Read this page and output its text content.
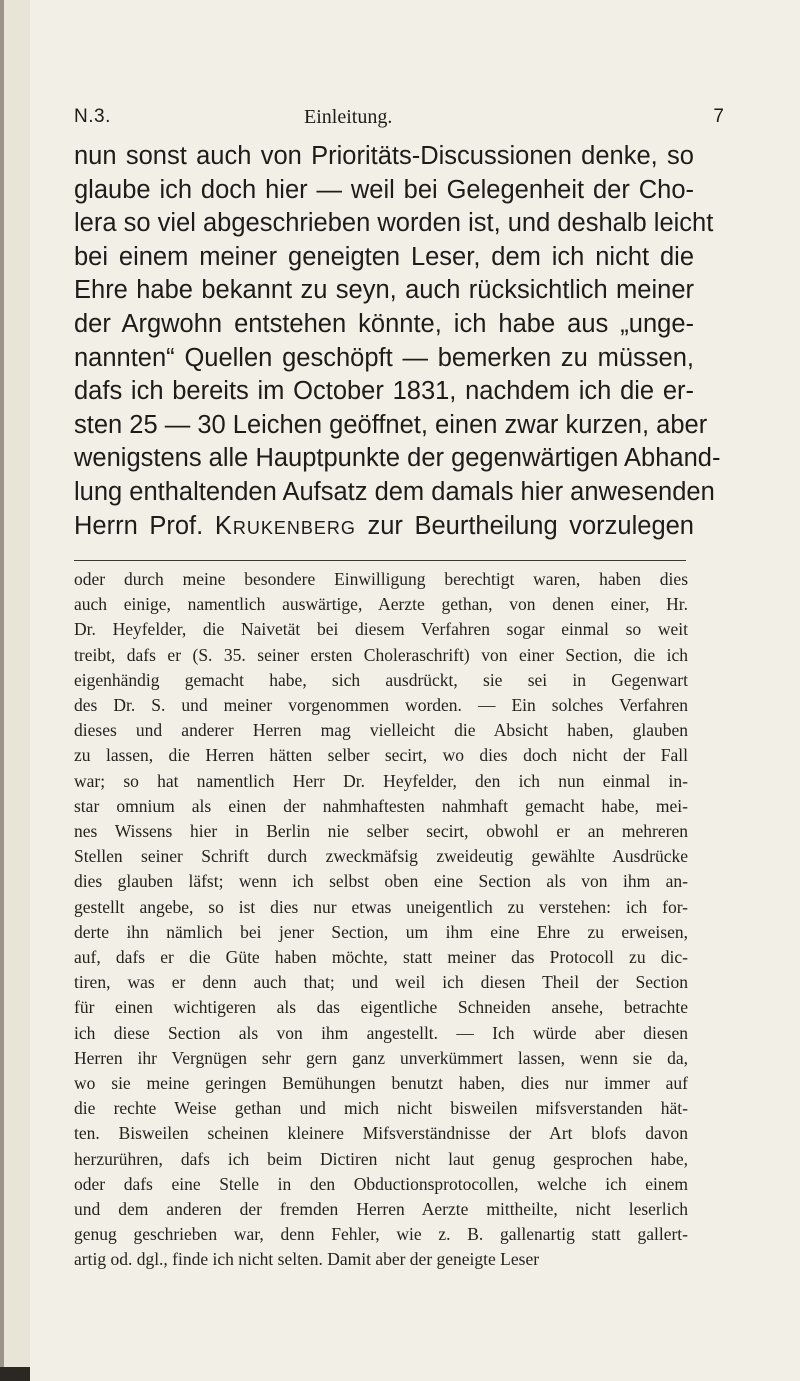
N.3.	Einleitung.	7
nun sonst auch von Prioritäts-Discussionen denke, so
glaube ich doch hier — weil bei Gelegenheit der Cho-
lera so viel abgeschrieben worden ist, und deshalb leicht
bei einem meiner geneigten Leser, dem ich nicht die
Ehre habe bekannt zu seyn, auch rücksichtlich meiner
der Argwohn entstehen könnte, ich habe aus „unge-
nannten“ Quellen geschöpft — bemerken zu müssen,
dafs ich bereits im October 1831, nachdem ich die er-
sten 25 — 30 Leichen geöffnet, einen zwar kurzen, aber
wenigstens alle Hauptpunkte der gegenwärtigen Abhand-
lung enthaltenden Aufsatz dem damals hier anwesenden
Herrn Prof. Krukenberg zur Beurtheilung vorzulegen
oder durch meine besondere Einwilligung berechtigt waren, haben dies
auch einige, namentlich auswärtige, Aerzte gethan, von denen einer, Hr.
Dr. Heyfelder, die Naivetät bei diesem Verfahren sogar einmal so weit
treibt, dafs er (S. 35. seiner ersten Choleraschrift) von einer Section, die ich
eigenhändig gemacht habe, sich ausdrückt, sie sei in Gegenwart
des Dr. S. und meiner vorgenommen worden. — Ein solches Verfahren
dieses und anderer Herren mag vielleicht die Absicht haben, glauben
zu lassen, die Herren hätten selber secirt, wo dies doch nicht der Fall
war; so hat namentlich Herr Dr. Heyfelder, den ich nun einmal in-
star omnium als einen der nahmhaftesten nahmhaft gemacht habe, mei-
nes Wissens hier in Berlin nie selber secirt, obwohl er an mehreren
Stellen seiner Schrift durch zweckmäfsig zweideutig gewählte Ausdrücke
dies glauben läfst; wenn ich selbst oben eine Section als von ihm an-
gestellt angebe, so ist dies nur etwas uneigentlich zu verstehen: ich for-
derte ihn nämlich bei jener Section, um ihm eine Ehre zu erweisen,
auf, dafs er die Güte haben möchte, statt meiner das Protocoll zu dic-
tiren, was er denn auch that; und weil ich diesen Theil der Section
für einen wichtigeren als das eigentliche Schneiden ansehe, betrachte
ich diese Section als von ihm angestellt. — Ich würde aber diesen
Herren ihr Vergnügen sehr gern ganz unverkümmert lassen, wenn sie da,
wo sie meine geringen Bemühungen benutzt haben, dies nur immer auf
die rechte Weise gethan und mich nicht bisweilen mifsverstanden hät-
ten. Bisweilen scheinen kleinere Mifsverständnisse der Art blofs davon
herzurühren, dafs ich beim Dictiren nicht laut genug gesprochen habe,
oder dafs eine Stelle in den Obductionsprotocollen, welche ich einem
und dem anderen der fremden Herren Aerzte mittheilte, nicht leserlich
genug geschrieben war, denn Fehler, wie z. B. gallenartig statt gallert-
artig od. dgl., finde ich nicht selten. Damit aber der geneigte Leser
